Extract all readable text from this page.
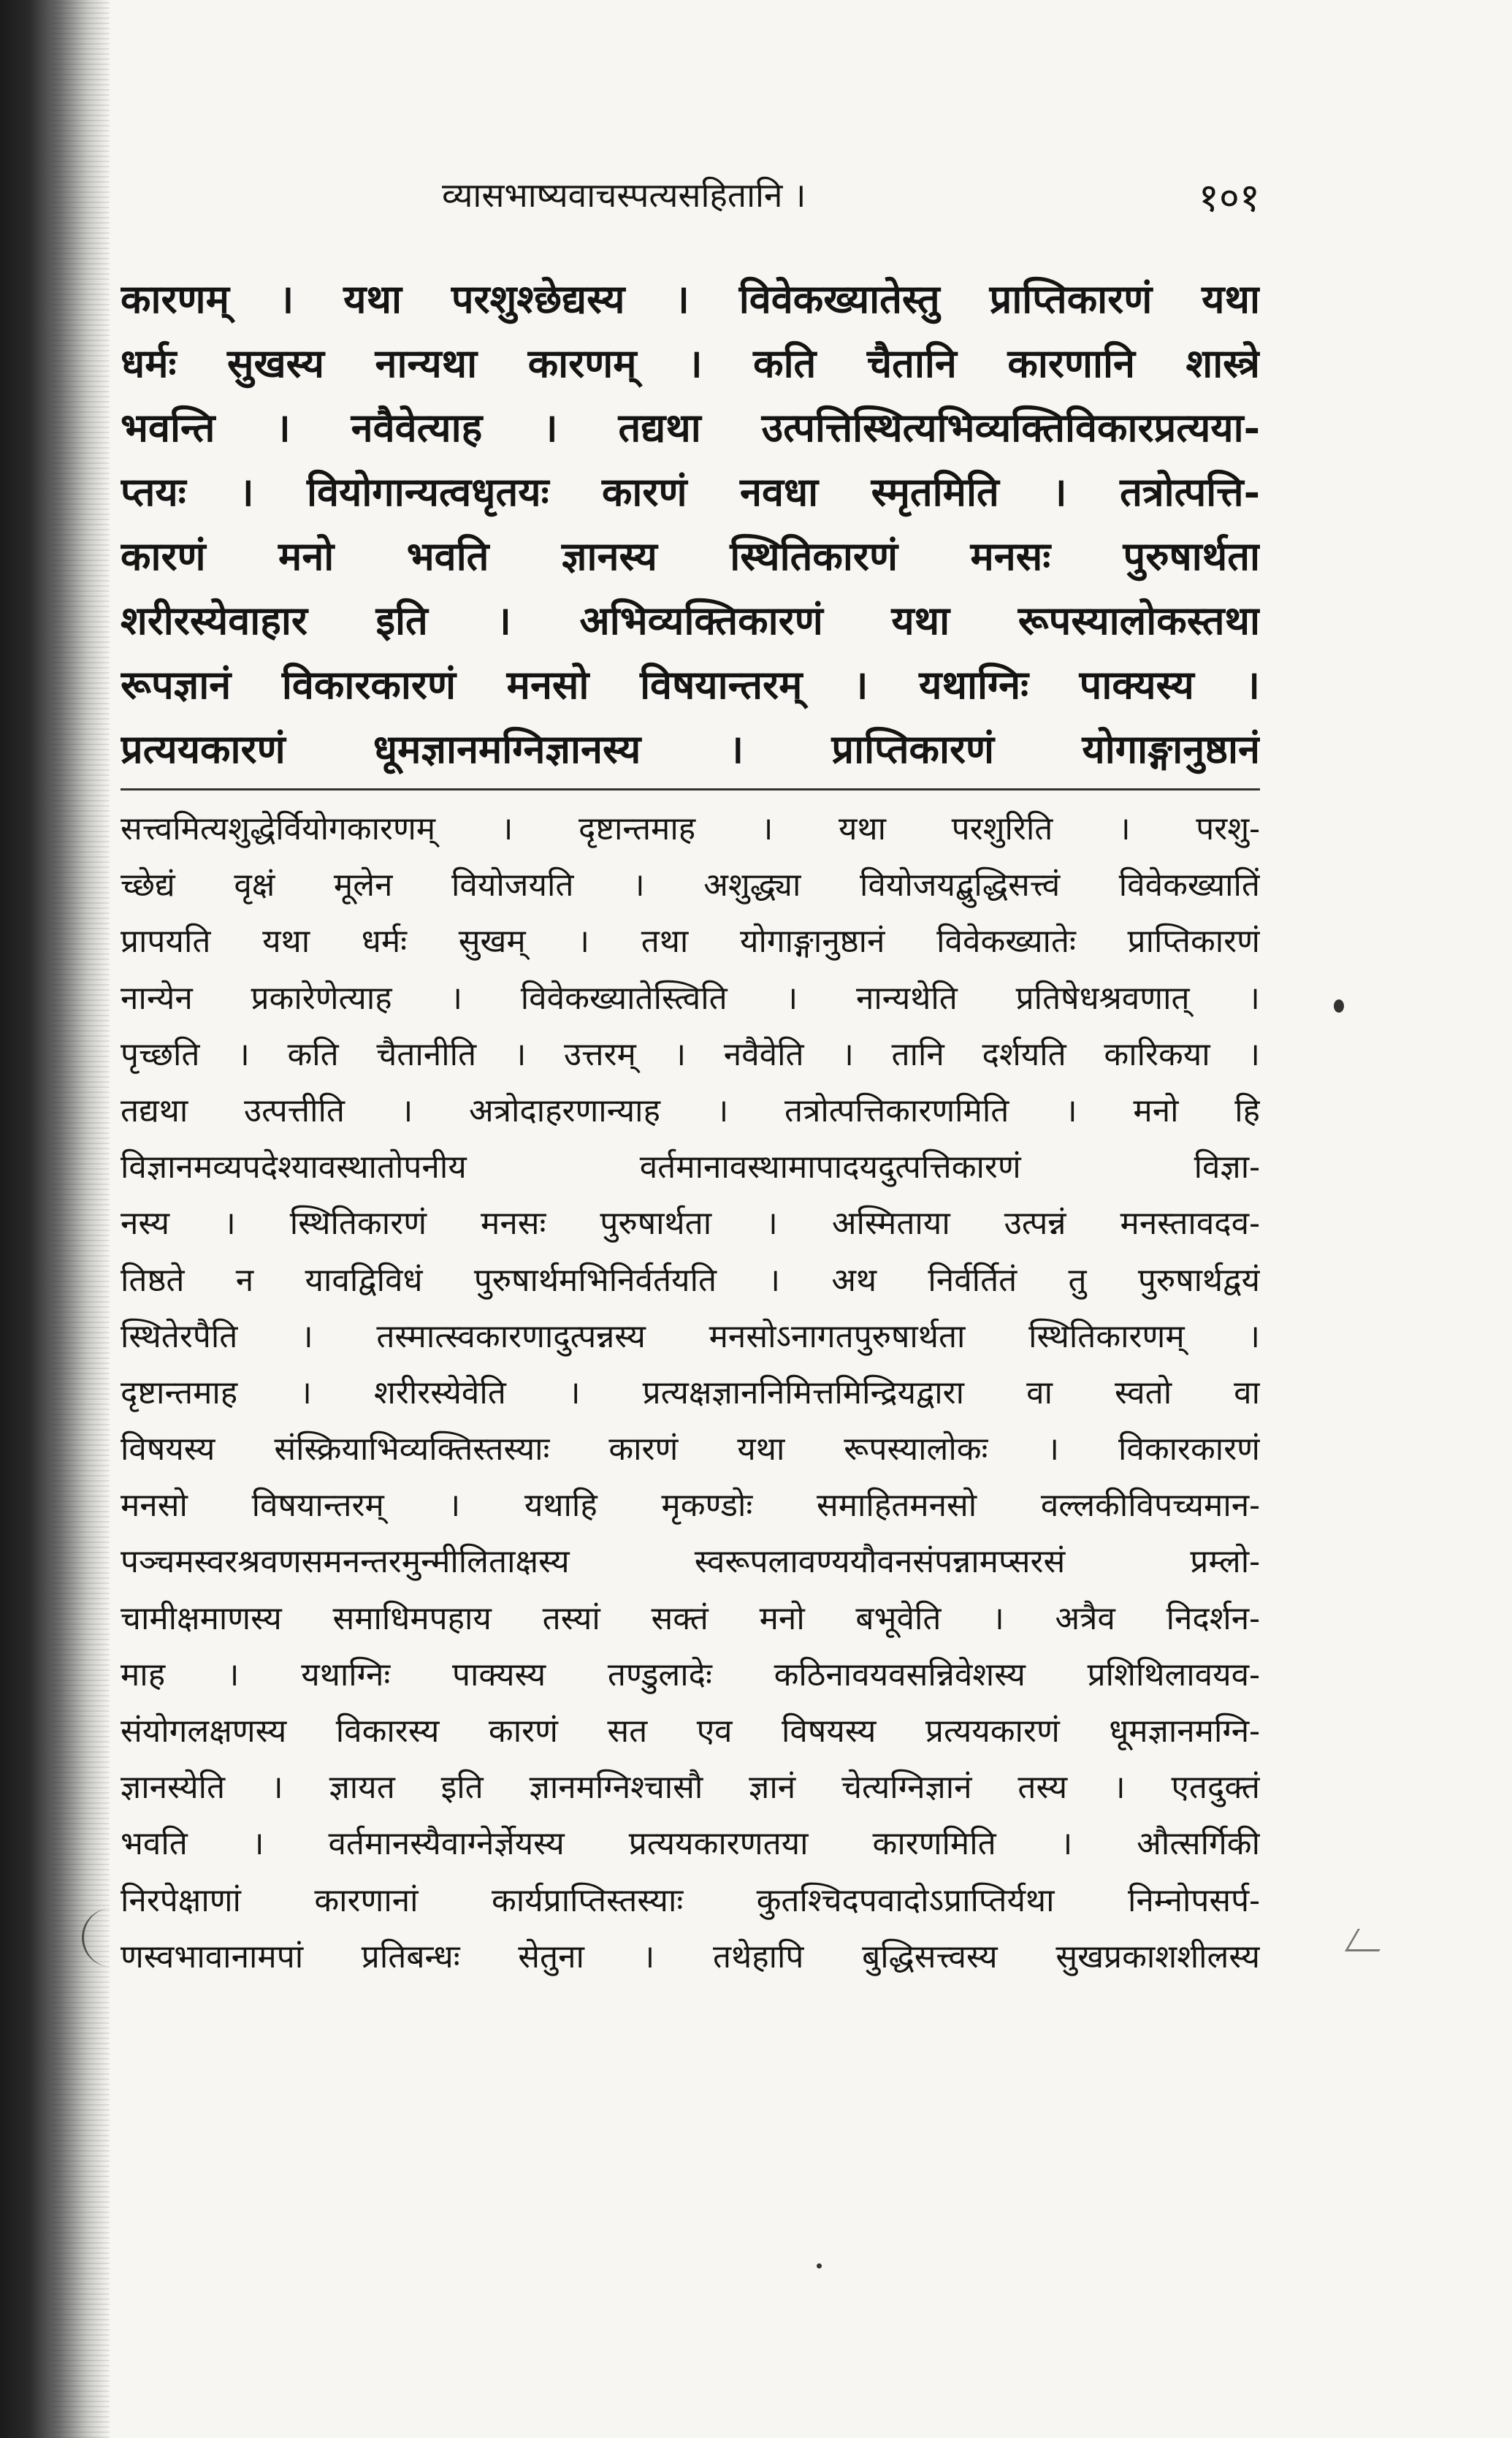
व्यासभाष्यवाचस्पत्यसहितानि ।	१०१
कारणम् । यथा परशुश्छेद्यस्य । विवेकख्यातेस्तु प्राप्तिकारणं यथा
धर्मः सुखस्य नान्यथा कारणम् । कति चैतानि कारणानि शास्त्रे
भवन्ति । नवैवेत्याह । तद्यथा उत्पत्तिस्थित्यभिव्यक्तिविकारप्रत्यया-
प्तयः । वियोगान्यत्वधृतयः कारणं नवधा स्मृतमिति । तत्रोत्पत्ति-
कारणं मनो भवति ज्ञानस्य स्थितिकारणं मनसः पुरुषार्थता
शरीरस्येवाहार इति । अभिव्यक्तिकारणं यथा रूपस्यालोकस्तथा
रूपज्ञानं विकारकारणं मनसो विषयान्तरम् । यथाग्निः पाक्यस्य ।
प्रत्ययकारणं धूमज्ञानमग्निज्ञानस्य । प्राप्तिकारणं योगाङ्गानुष्ठानं
सत्त्वमित्यशुद्धेर्वियोगकारणम् । दृष्टान्तमाह । यथा परशुरिति । परशु-
च्छेद्यं वृक्षं मूलेन वियोजयति । अशुद्ध्या वियोजयद्बुद्धिसत्त्वं विवेकख्यातिं
प्रापयति यथा धर्मः सुखम् । तथा योगाङ्गानुष्ठानं विवेकख्यातेः प्राप्तिकारणं
नान्येन प्रकारेणेत्याह । विवेकख्यातेस्त्विति । नान्यथेति प्रतिषेधश्रवणात् ।
पृच्छति । कति चैतानीति । उत्तरम् । नवैवेति । तानि दर्शयति कारिकया ।
तद्यथा उत्पत्तीति । अत्रोदाहरणान्याह । तत्रोत्पत्तिकारणमिति । मनो हि
विज्ञानमव्यपदेश्यावस्थातोपनीय वर्तमानावस्थामापादयदुत्पत्तिकारणं विज्ञा-
नस्य । स्थितिकारणं मनसः पुरुषार्थता । अस्मिताया उत्पन्नं मनस्तावदव-
तिष्ठते न यावद्विविधं पुरुषार्थमभिनिर्वर्तयति । अथ निर्वर्तितं तु पुरुषार्थद्वयं
स्थितेरपैति । तस्मात्स्वकारणादुत्पन्नस्य मनसोऽनागतपुरुषार्थता स्थितिकारणम् ।
दृष्टान्तमाह । शरीरस्येवेति । प्रत्यक्षज्ञाननिमित्तमिन्द्रियद्वारा वा स्वतो वा
विषयस्य संस्क्रियाभिव्यक्तिस्तस्याः कारणं यथा रूपस्यालोकः । विकारकारणं
मनसो विषयान्तरम् । यथाहि मृकण्डोः समाहितमनसो वल्लकीविपच्यमान-
पञ्चमस्वरश्रवणसमनन्तरमुन्मीलिताक्षस्य स्वरूपलावण्ययौवनसंपन्नामप्सरसं प्रम्लो-
चामीक्षमाणस्य समाधिमपहाय तस्यां सक्तं मनो बभूवेति । अत्रैव निदर्शन-
माह । यथाग्निः पाक्यस्य तण्डुलादेः कठिनावयवसन्निवेशस्य प्रशिथिलावयव-
संयोगलक्षणस्य विकारस्य कारणं सत एव विषयस्य प्रत्ययकारणं धूमज्ञानमग्नि-
ज्ञानस्येति । ज्ञायत इति ज्ञानमग्निश्चासौ ज्ञानं चेत्यग्निज्ञानं तस्य । एतदुक्तं
भवति । वर्तमानस्यैवाग्नेर्ज्ञेयस्य प्रत्ययकारणतया कारणमिति । औत्सर्गिकी
निरपेक्षाणां कारणानां कार्यप्राप्तिस्तस्याः कुतश्चिदपवादोऽप्राप्तिर्यथा निम्नोपसर्प-
णस्वभावानामपां प्रतिबन्धः सेतुना । तथेहापि बुद्धिसत्त्वस्य सुखप्रकाशशीलस्य
